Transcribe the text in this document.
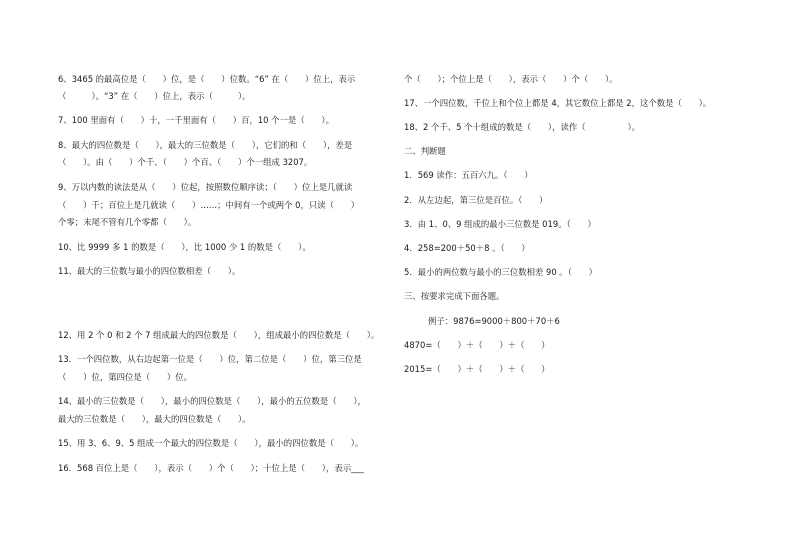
6、3465 的最高位是（　　）位，是（　　）位数。“6” 在（　　）位上，表示
（　　　）。“3” 在（　　）位上，表示（　　　）。
7、100 里面有（　　）十，一千里面有（　　）百，10 个一是（　　）。
8、最大的四位数是（　　），最大的三位数是（　　），它们的和（　　），差是
（　　）。由（　　）个千、（　　）个百、（　　）个一组成 3207。
9、万以内数的读法是从（　　）位起，按照数位顺序读；（　　）位上是几就读
（　　）千；百位上是几就读（　　）……；中间有一个或两个 0，只读（　　）
个零；末尾不管有几个零都（　　）。
10、比 9999 多 1 的数是（　　），比 1000 少 1 的数是（　　）。
11、最大的三位数与最小的四位数相差（　　）。
12、用 2 个 0 和 2 个 7 组成最大的四位数是（　　），组成最小的四位数是（　　）。
13．一个四位数，从右边起第一位是（　　）位，第二位是（　　）位，第三位是
（　　）位，第四位是（　　）位。
14、最小的三位数是（　　），最小的四位数是（　　），最小的五位数是（　　），
最大的三位数是（　　），最大的四位数是（　　）。
15、用 3、6、9、5 组成一个最大的四位数是（　　），最小的四位数是（　　）。
16．568 百位上是（　　），表示（　　）个（　　）；十位上是（　　），表示___
个（　　）；个位上是（　　），表示（　　）个（　　）。
17、一个四位数，千位上和个位上都是 4，其它数位上都是 2，这个数是（　　）。
18、2 个千、5 个十组成的数是（　　），读作（　　　　　）。
二、判断题
1．569 读作：五百六九。（　　）
2．从左边起，第三位是百位。（　　）
3．由 1、0、9 组成的最小三位数是 019。（　　）
4．258=200＋50＋8 。（　　）
5．最小的两位数与最小的三位数相差 90 。（　　）
三、按要求完成下面各题。
例子：9876=9000＋800＋70＋6
4870=（　　）＋（　　）＋（　　）
2015=（　　）＋（　　）＋（　　）
